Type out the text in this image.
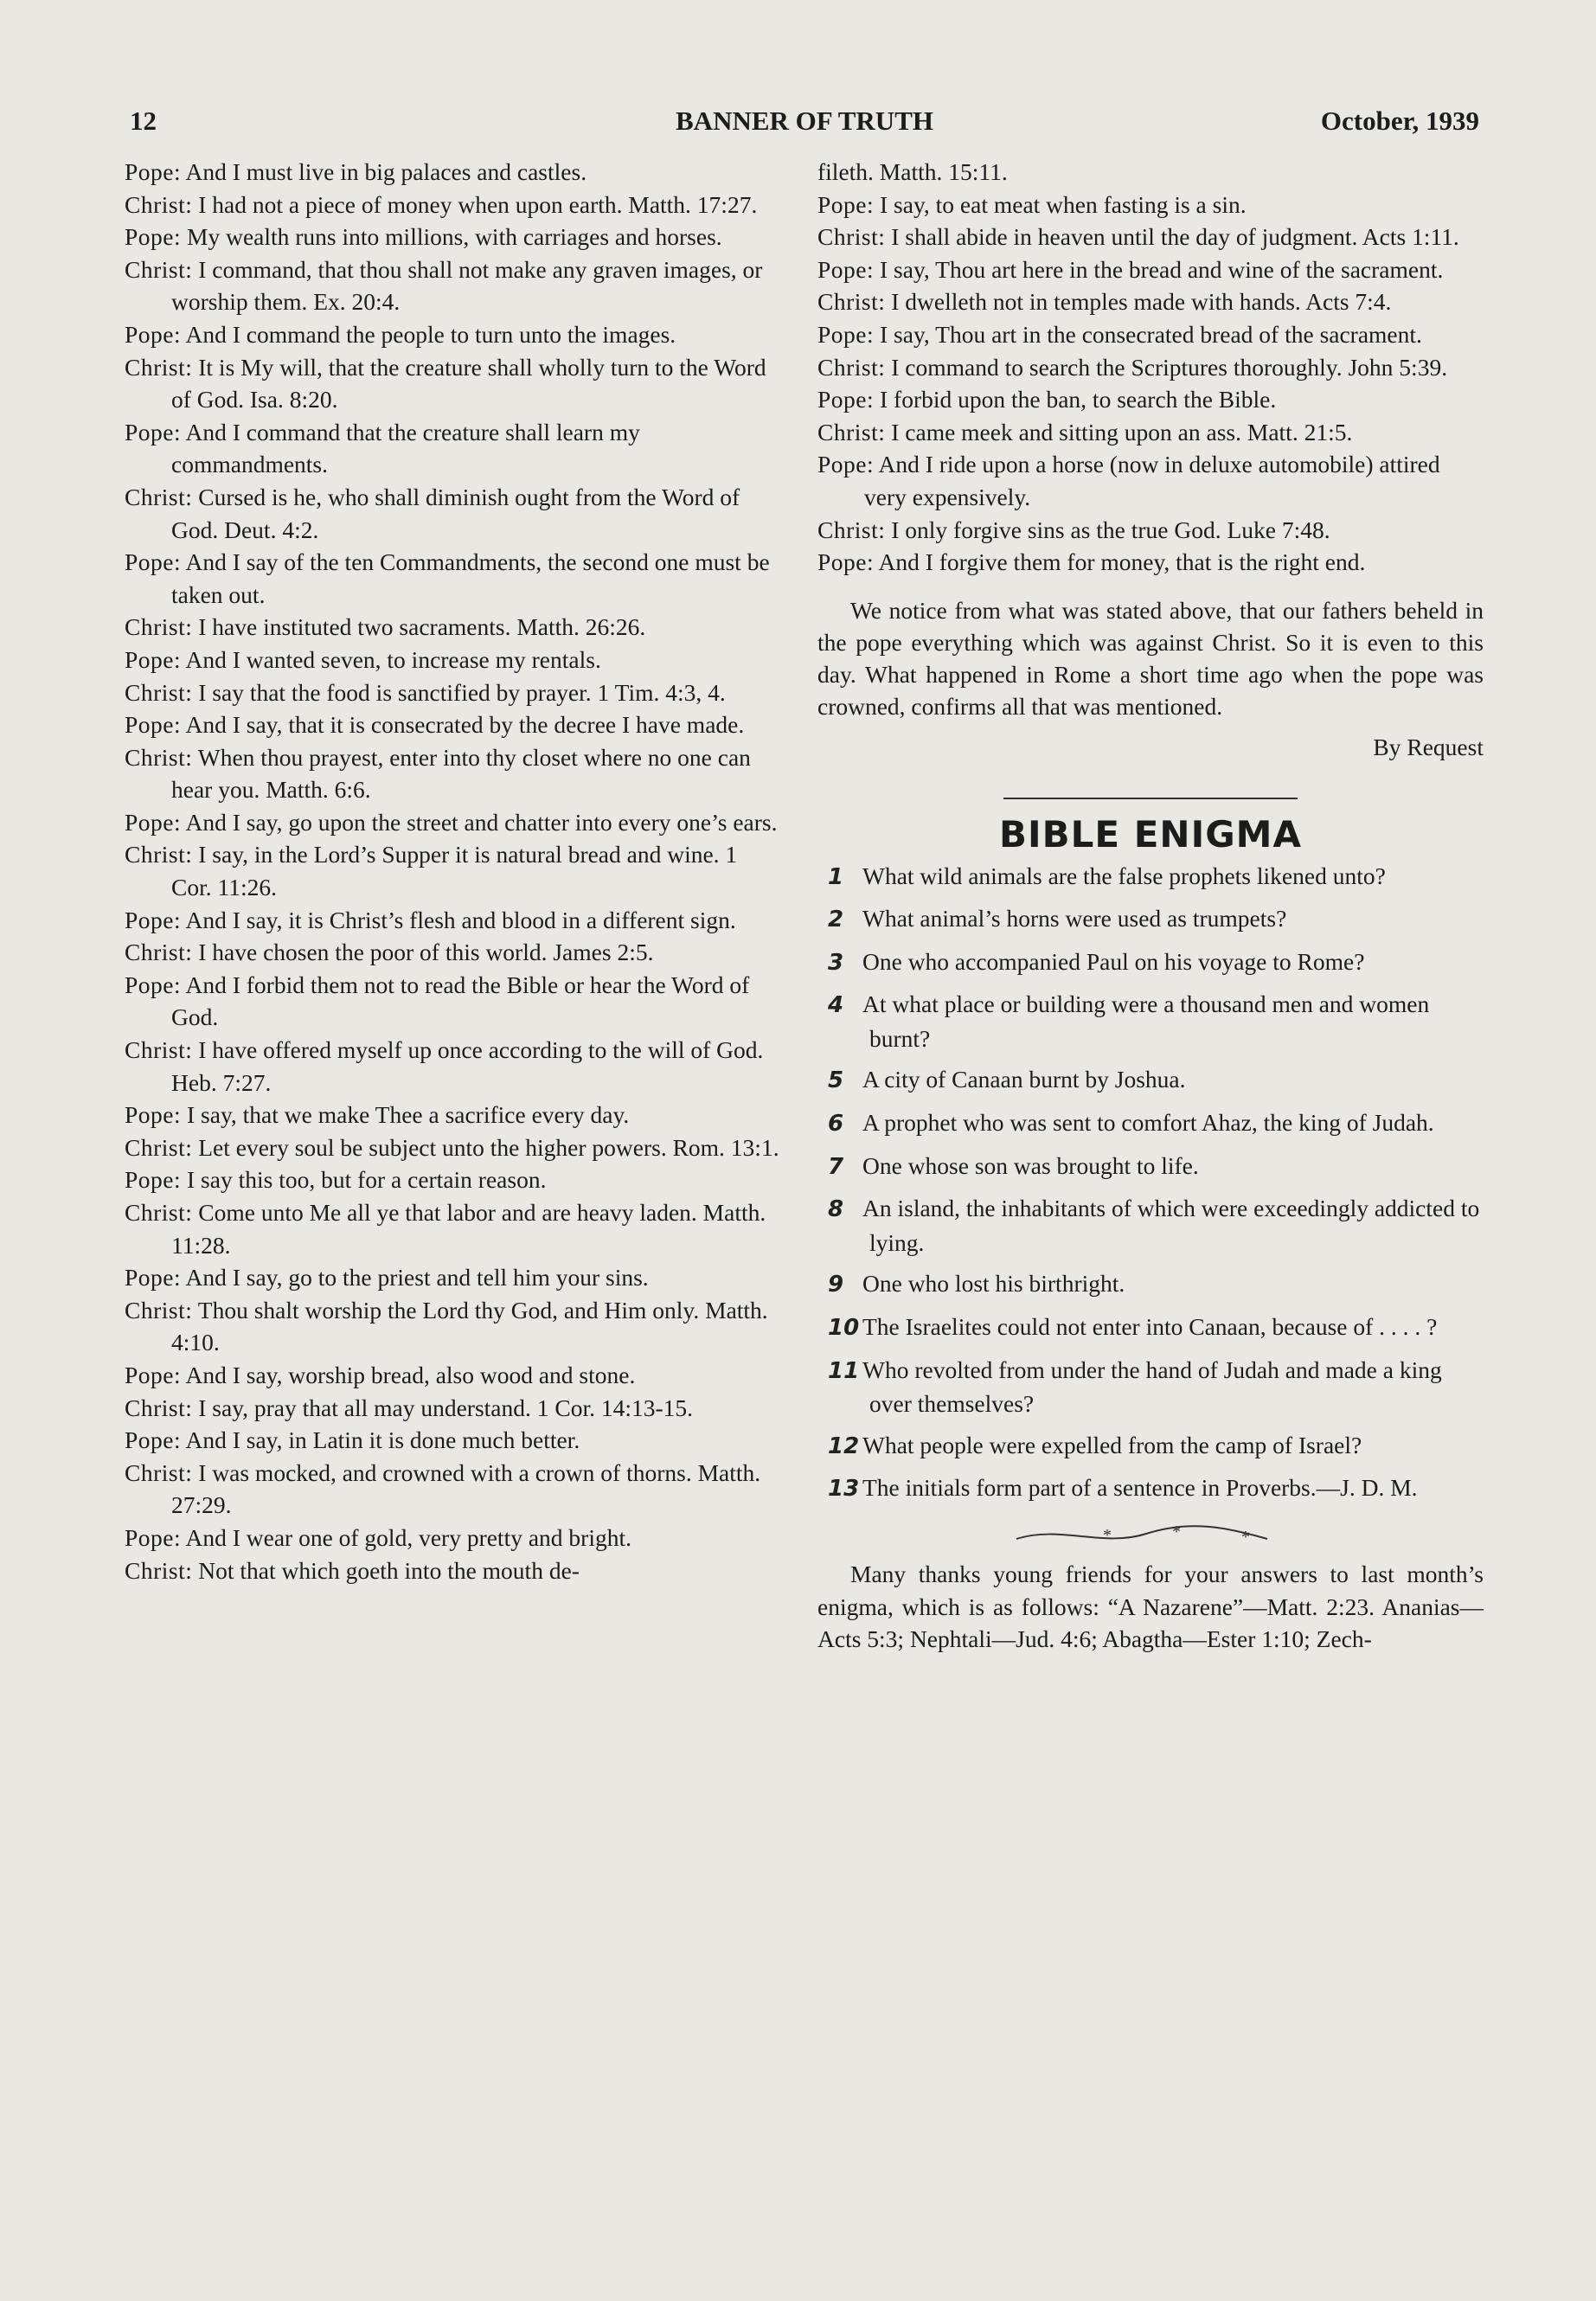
12	BANNER OF TRUTH	October, 1939

Pope: And I must live in big palaces and castles.

Christ: I had not a piece of money when upon earth. Matth. 17:27.

Pope: My wealth runs into millions, with carriages and horses.

Christ: I command, that thou shall not make any graven images, or worship them. Ex. 20:4.

Pope: And I command the people to turn unto the images.

Christ: It is My will, that the creature shall wholly turn to the Word of God. Isa. 8:20.

Pope: And I command that the creature shall learn my commandments.

Christ: Cursed is he, who shall diminish ought from the Word of God. Deut. 4:2.

Pope: And I say of the ten Commandments, the second one must be taken out.

Christ: I have instituted two sacraments. Matth. 26:26.

Pope: And I wanted seven, to increase my rentals.

Christ: I say that the food is sanctified by prayer. 1 Tim. 4:3, 4.

Pope: And I say, that it is consecrated by the decree I have made.

Christ: When thou prayest, enter into thy closet where no one can hear you. Matth. 6:6.

Pope: And I say, go upon the street and chatter into every one’s ears.

Christ: I say, in the Lord’s Supper it is natural bread and wine. 1 Cor. 11:26.

Pope: And I say, it is Christ’s flesh and blood in a different sign.

Christ: I have chosen the poor of this world. James 2:5.

Pope: And I forbid them not to read the Bible or hear the Word of God.

Christ: I have offered myself up once according to the will of God. Heb. 7:27.

Pope: I say, that we make Thee a sacrifice every day.

Christ: Let every soul be subject unto the higher powers. Rom. 13:1.

Pope: I say this too, but for a certain reason.

Christ: Come unto Me all ye that labor and are heavy laden. Matth. 11:28.

Pope: And I say, go to the priest and tell him your sins.

Christ: Thou shalt worship the Lord thy God, and Him only. Matth. 4:10.

Pope: And I say, worship bread, also wood and stone.

Christ: I say, pray that all may understand. 1 Cor. 14:13-15.

Pope: And I say, in Latin it is done much better.

Christ: I was mocked, and crowned with a crown of thorns. Matth. 27:29.

Pope: And I wear one of gold, very pretty and bright.

Christ: Not that which goeth into the mouth de-

fileth. Matth. 15:11.

Pope: I say, to eat meat when fasting is a sin.

Christ: I shall abide in heaven until the day of judgment. Acts 1:11.

Pope: I say, Thou art here in the bread and wine of the sacrament.

Christ: I dwelleth not in temples made with hands. Acts 7:4.

Pope: I say, Thou art in the consecrated bread of the sacrament.

Christ: I command to search the Scriptures thoroughly. John 5:39.

Pope: I forbid upon the ban, to search the Bible.

Christ: I came meek and sitting upon an ass. Matt. 21:5.

Pope: And I ride upon a horse (now in deluxe automobile) attired very expensively.

Christ: I only forgive sins as the true God. Luke 7:48.

Pope: And I forgive them for money, that is the right end.

We notice from what was stated above, that our fathers beheld in the pope everything which was against Christ. So it is even to this day. What happened in Rome a short time ago when the pope was crowned, confirms all that was mentioned.

By Request

BIBLE ENIGMA

1 What wild animals are the false prophets likened unto?

2 What animal’s horns were used as trumpets?

3 One who accompanied Paul on his voyage to Rome?

4 At what place or building were a thousand men and women burnt?

5 A city of Canaan burnt by Joshua.

6 A prophet who was sent to comfort Ahaz, the king of Judah.

7 One whose son was brought to life.

8 An island, the inhabitants of which were exceedingly addicted to lying.

9 One who lost his birthright.

10 The Israelites could not enter into Canaan, because of . . . . ?

11 Who revolted from under the hand of Judah and made a king over themselves?

12 What people were expelled from the camp of Israel?

13 The initials form part of a sentence in Proverbs.—J. D. M.

*	*	*

Many thanks young friends for your answers to last month’s enigma, which is as follows: “A Nazarene”—Matt. 2:23. Ananias—Acts 5:3; Nephtali—Jud. 4:6; Abagtha—Ester 1:10; Zech-
